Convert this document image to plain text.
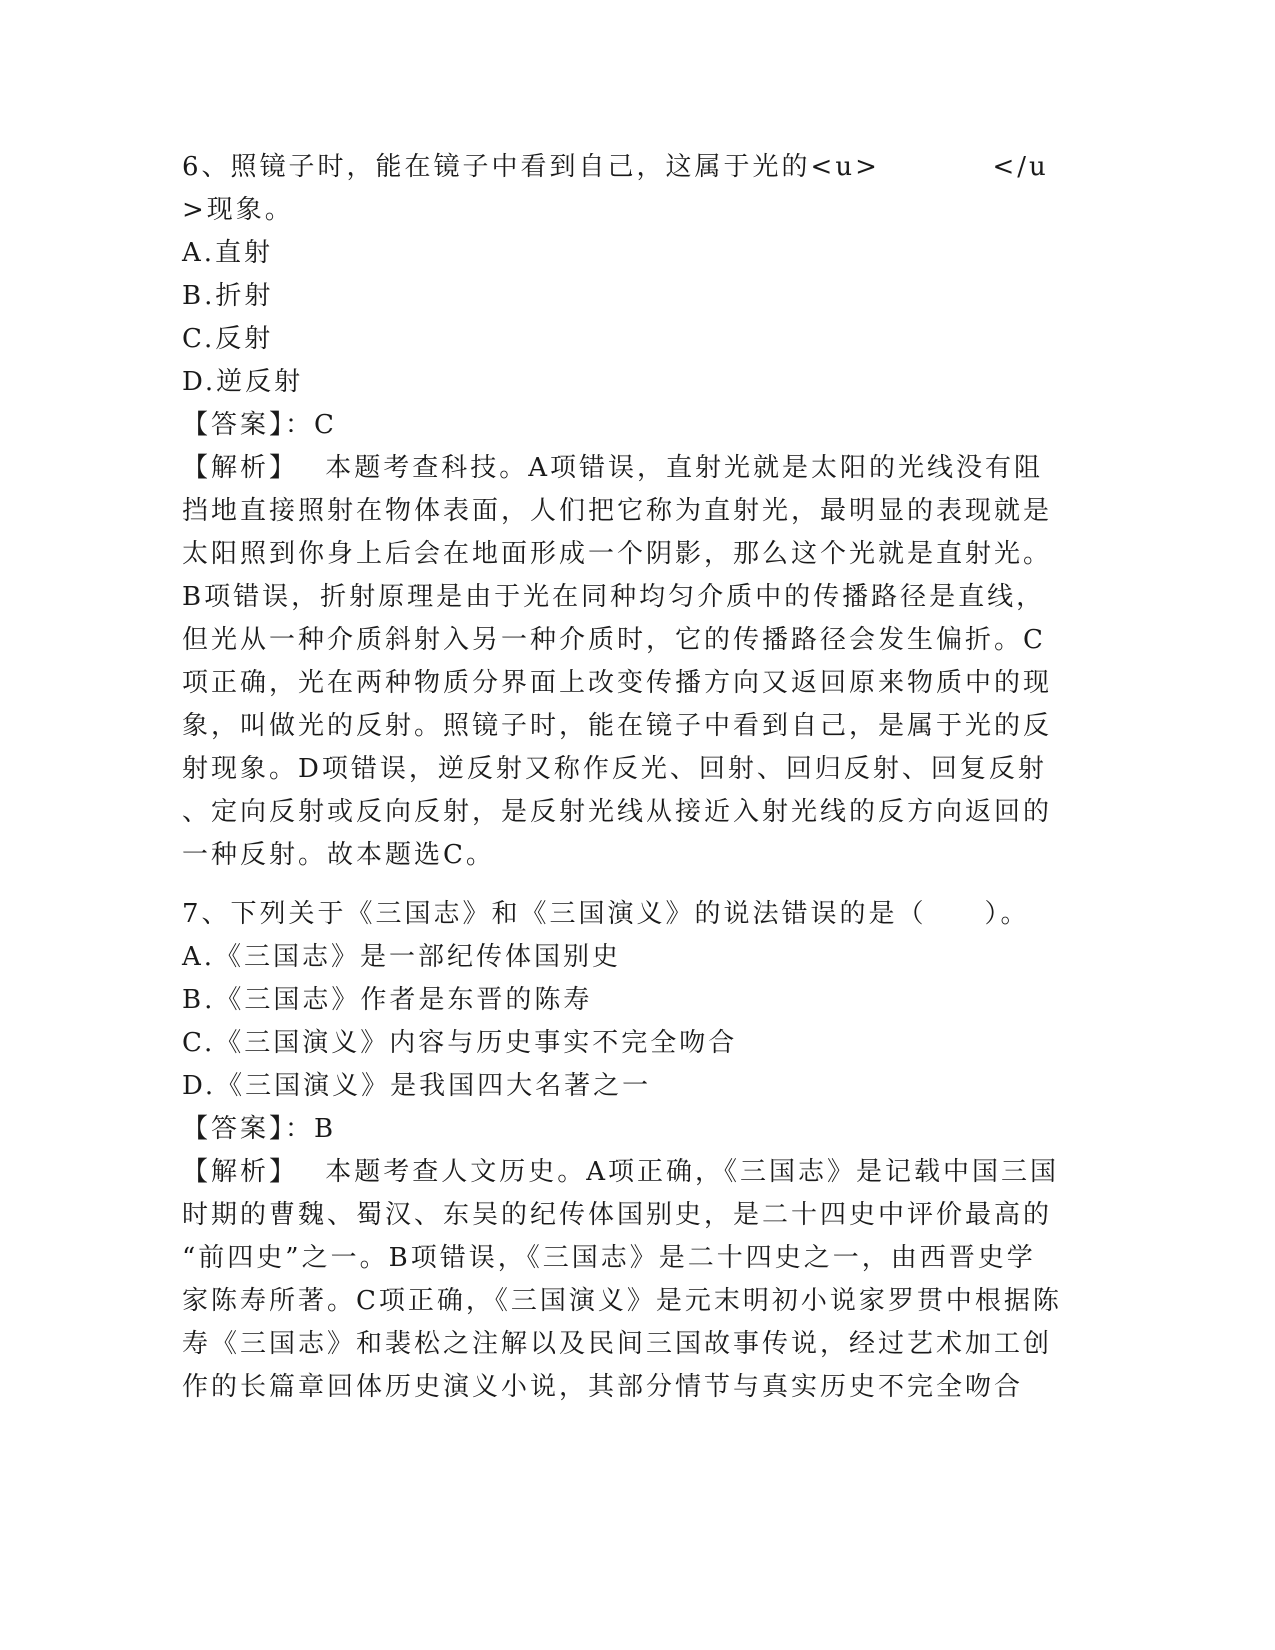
6、照镜子时，能在镜子中看到自己，这属于光的<u>          </u>现象。
A.直射
B.折射
C.反射
D.逆反射
【答案】：C
【解析】　 本题考查科技。A项错误，直射光就是太阳的光线没有阻挡地直接照射在物体表面，人们把它称为直射光，最明显的表现就是太阳照到你身上后会在地面形成一个阴影，那么这个光就是直射光。B项错误，折射原理是由于光在同种均匀介质中的传播路径是直线，但光从一种介质斜射入另一种介质时，它的传播路径会发生偏折。C项正确，光在两种物质分界面上改变传播方向又返回原来物质中的现象，叫做光的反射。照镜子时，能在镜子中看到自己，是属于光的反射现象。D项错误，逆反射又称作反光、回射、回归反射、回复反射、定向反射或反向反射，是反射光线从接近入射光线的反方向返回的一种反射。故本题选C。
7、下列关于《三国志》和《三国演义》的说法错误的是（　　）。
A.《三国志》是一部纪传体国别史
B.《三国志》作者是东晋的陈寿
C.《三国演义》内容与历史事实不完全吻合
D.《三国演义》是我国四大名著之一
【答案】：B
【解析】　 本题考查人文历史。A项正确，《三国志》是记载中国三国时期的曹魏、蜀汉、东吴的纪传体国别史，是二十四史中评价最高的“前四史”之一。B项错误，《三国志》是二十四史之一，由西晋史学家陈寿所著。C项正确，《三国演义》是元末明初小说家罗贯中根据陈寿《三国志》和裴松之注解以及民间三国故事传说，经过艺术加工创作的长篇章回体历史演义小说，其部分情节与真实历史不完全吻合
